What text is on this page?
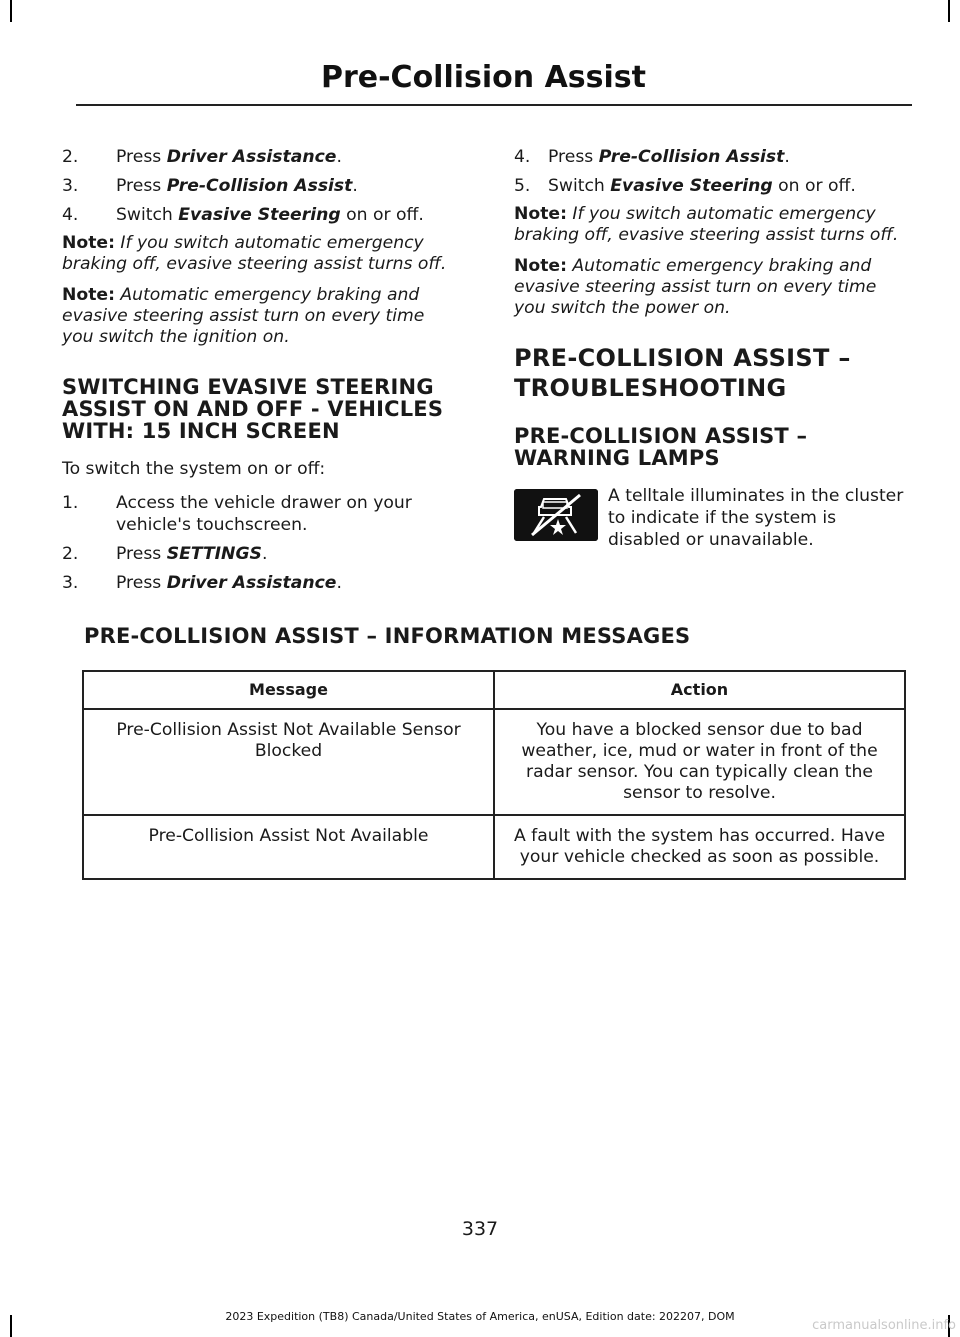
Pre-Collision Assist
2.	Press Driver Assistance.
3.	Press Pre-Collision Assist.
4.	Switch Evasive Steering on or off.

Note: If you switch automatic emergency braking off, evasive steering assist turns off.

Note: Automatic emergency braking and evasive steering assist turn on every time you switch the ignition on.

SWITCHING EVASIVE STEERING ASSIST ON AND OFF - VEHICLES WITH: 15 INCH SCREEN

To switch the system on or off:

1.	Access the vehicle drawer on your vehicle's touchscreen.
2.	Press SETTINGS.
3.	Press Driver Assistance.
4.	Press Pre-Collision Assist.
5.	Switch Evasive Steering on or off.

Note: If you switch automatic emergency braking off, evasive steering assist turns off.

Note: Automatic emergency braking and evasive steering assist turn on every time you switch the power on.

PRE-COLLISION ASSIST –
TROUBLESHOOTING
PRE-COLLISION ASSIST – WARNING LAMPS
A telltale illuminates in the cluster to indicate if the system is disabled or unavailable.
PRE-COLLISION ASSIST – INFORMATION MESSAGES
Message	Action
Pre-Collision Assist Not Available Sensor Blocked	You have a blocked sensor due to bad weather, ice, mud or water in front of the radar sensor. You can typically clean the sensor to resolve.
Pre-Collision Assist Not Available	A fault with the system has occurred. Have your vehicle checked as soon as possible.
337
2023 Expedition (TB8) Canada/United States of America, enUSA, Edition date: 202207, DOM
carmanualsonline.info
